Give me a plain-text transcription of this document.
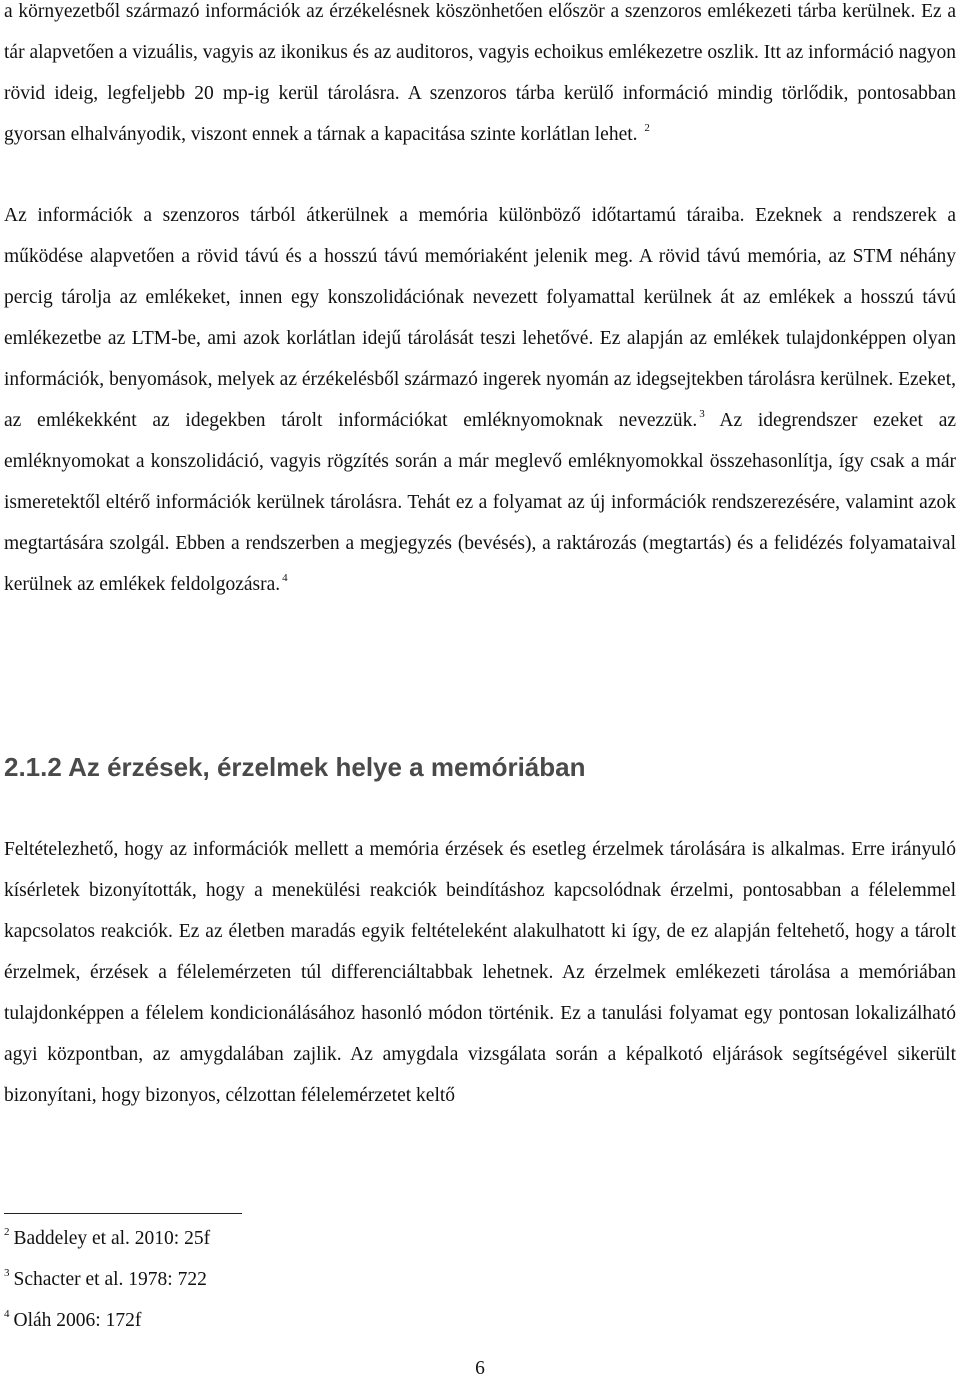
a környezetből származó információk az érzékelésnek köszönhetően először a szenzoros emlékezeti tárba kerülnek. Ez a tár alapvetően a vizuális, vagyis az ikonikus és az auditoros, vagyis echoikus emlékezetre oszlik. Itt az információ nagyon rövid ideig, legfeljebb 20 mp-ig kerül tárolásra. A szenzoros tárba kerülő információ mindig törlődik, pontosabban gyorsan elhalványodik, viszont ennek a tárnak a kapacitása szinte korlátlan lehet. $^2$

Az információk a szenzoros tárból átkerülnek a memória különböző időtartamú táraiba. Ezeknek a rendszerek a működése alapvetően a rövid távú és a hosszú távú memóriaként jelenik meg. A rövid távú memória, az STM néhány percig tárolja az emlékeket, innen egy konszolidációnak nevezett folyamattal kerülnek át az emlékek a hosszú távú emlékezetbe az LTM-be, ami azok korlátlan idejű tárolását teszi lehetővé. Ez alapján az emlékek tulajdonképpen olyan információk, benyomások, melyek az érzékelésből származó ingerek nyomán az idegsejtekben tárolásra kerülnek. Ezeket, az emlékekként az idegekben tárolt információkat emléknyomoknak nevezzük. $^3$ Az idegrendszer ezeket az emléknyomokat a konszolidáció, vagyis rögzítés során a már meglevő emléknyomokkal összehasonlítja, így csak a már ismeretektől eltérő információk kerülnek tárolásra. Tehát ez a folyamat az új információk rendszerezésére, valamint azok megtartására szolgál. Ebben a rendszerben a megjegyzés (bevésés), a raktározás (megtartás) és a felidézés folyamataival kerülnek az emlékek feldolgozásra. $^4$

2.1.2 Az érzések, érzelmek helye a memóriában

Feltételezhető, hogy az információk mellett a memória érzések és esetleg érzelmek tárolására is alkalmas. Erre irányuló kísérletek bizonyították, hogy a menekülési reakciók beindításhoz kapcsolódnak érzelmi, pontosabban a félelemmel kapcsolatos reakciók. Ez az életben maradás egyik feltételeként alakulhatott ki így, de ez alapján feltehető, hogy a tárolt érzelmek, érzések a félelemérzeten túl differenciáltabbak lehetnek. Az érzelmek emlékezeti tárolása a memóriában tulajdonképpen a félelem kondicionálásához hasonló módon történik. Ez a tanulási folyamat egy pontosan lokalizálható agyi központban, az amygdalában zajlik. Az amygdala vizsgálata során a képalkotó eljárások segítségével sikerült bizonyítani, hogy bizonyos, célzottan félelemérzetet keltő

$^2$ Baddeley et al. 2010: 25f

$^3$ Schacter et al. 1978: 722

$^4$ Oláh 2006: 172f

6
